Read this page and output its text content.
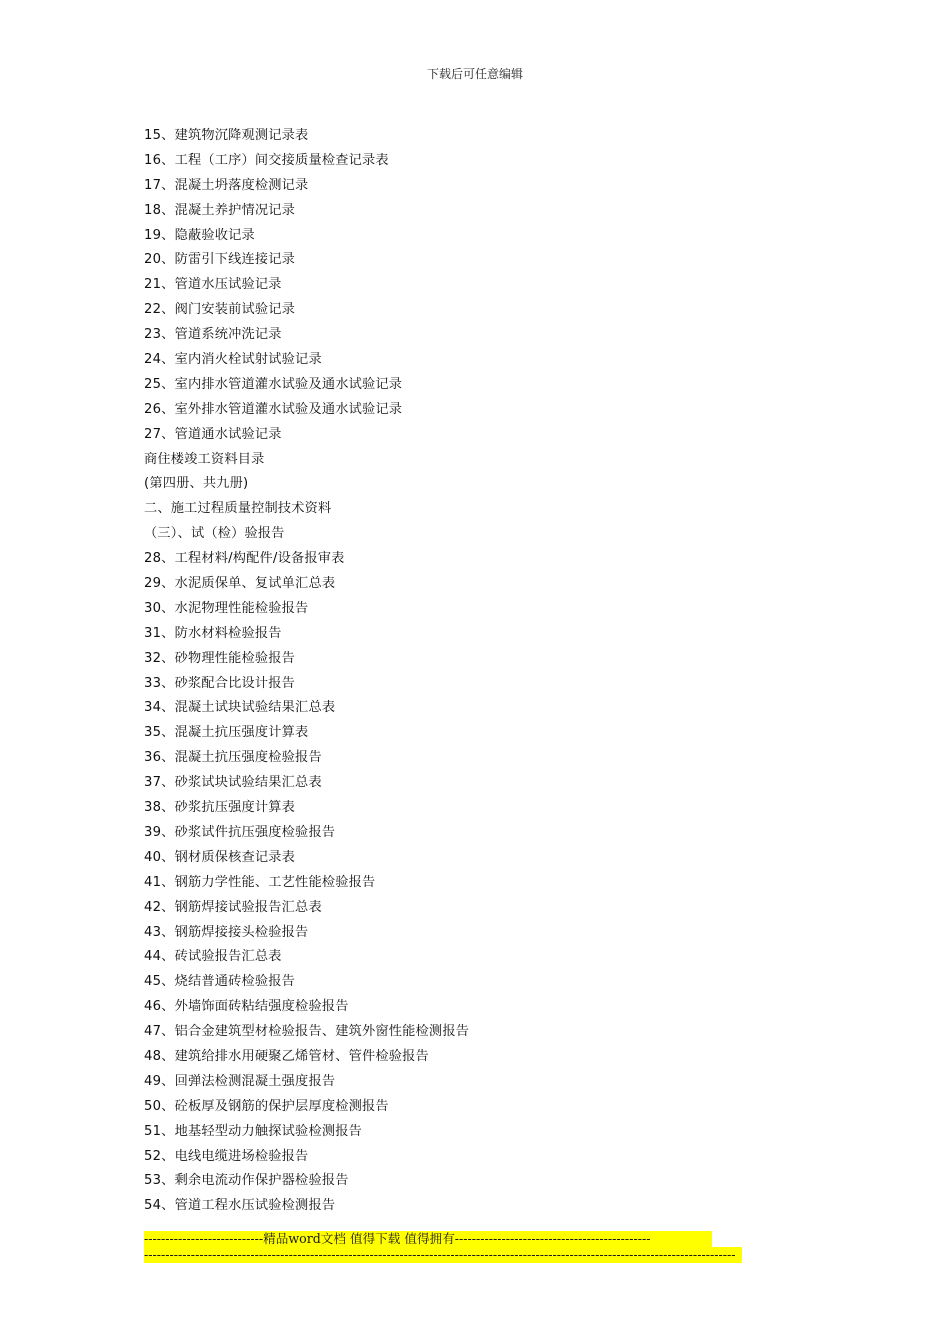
下载后可任意编辑
15、建筑物沉降观测记录表
16、工程（工序）间交接质量检查记录表
17、混凝土坍落度检测记录
18、混凝土养护情况记录
19、隐蔽验收记录
20、防雷引下线连接记录
21、管道水压试验记录
22、阀门安装前试验记录
23、管道系统冲洗记录
24、室内消火栓试射试验记录
25、室内排水管道灌水试验及通水试验记录
26、室外排水管道灌水试验及通水试验记录
27、管道通水试验记录
商住楼竣工资料目录
(第四册、共九册)
二、施工过程质量控制技术资料
（三）、试（检）验报告
28、工程材料/构配件/设备报审表
29、水泥质保单、复试单汇总表
30、水泥物理性能检验报告
31、防水材料检验报告
32、砂物理性能检验报告
33、砂浆配合比设计报告
34、混凝土试块试验结果汇总表
35、混凝土抗压强度计算表
36、混凝土抗压强度检验报告
37、砂浆试块试验结果汇总表
38、砂浆抗压强度计算表
39、砂浆试件抗压强度检验报告
40、钢材质保核查记录表
41、钢筋力学性能、工艺性能检验报告
42、钢筋焊接试验报告汇总表
43、钢筋焊接接头检验报告
44、砖试验报告汇总表
45、烧结普通砖检验报告
46、外墙饰面砖粘结强度检验报告
47、铝合金建筑型材检验报告、建筑外窗性能检测报告
48、建筑给排水用硬聚乙烯管材、管件检验报告
49、回弹法检测混凝土强度报告
50、砼板厚及钢筋的保护层厚度检测报告
51、地基轻型动力触探试验检测报告
52、电线电缆进场检验报告
53、剩余电流动作保护器检验报告
54、管道工程水压试验检测报告
----------------------------精品word文档 值得下载 值得拥有----------------------------------------------
-------------------------------------------------------------------------------------------------------------------------------------------
